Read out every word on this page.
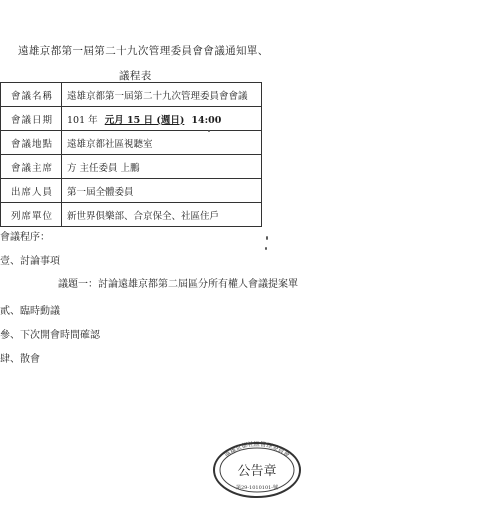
遠雄京都第一屆第二十九次管理委員會會議通知單、
議程表
會議名稱	遠雄京都第一屆第二十九次管理委員會會議
會議日期	101 年 元月 15 日 (週日) 14:00
會議地點	遠雄京都社區視聽室
會議主席	方 主任委員 上鵬
出席人員	第一屆全體委員
列席單位	新世界俱樂部、合京保全、社區住戶
會議程序：
壹、討論事項
議題一：討論遠雄京都第二屆區分所有權人會議提案單
貳、臨時動議
參、下次開會時間確認
肆、散會
遠雄京都社區管理委員會
公告章
第29-1010101-號
